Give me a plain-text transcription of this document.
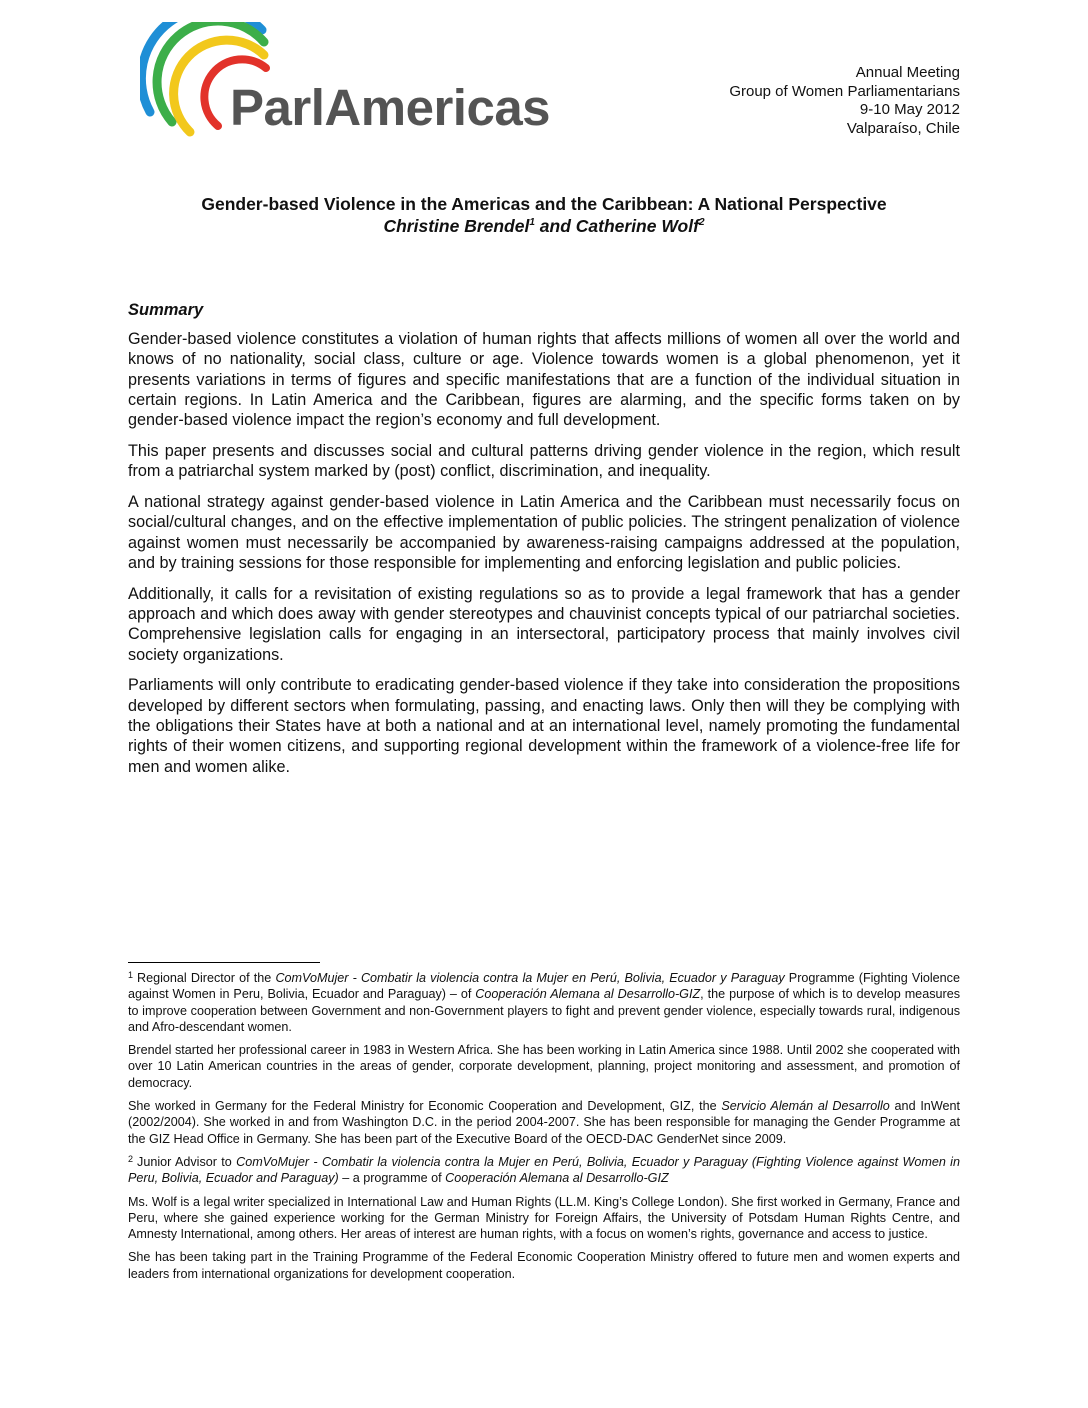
ParlAmericas
Annual Meeting
Group of Women Parliamentarians
9-10 May 2012
Valparaíso, Chile
Gender-based Violence in the Americas and the Caribbean: A National Perspective
Christine Brendel$^1$ and Catherine Wolf$^2$
Summary

Gender-based violence constitutes a violation of human rights that affects millions of women all over the world and knows of no nationality, social class, culture or age. Violence towards women is a global phenomenon, yet it presents variations in terms of figures and specific manifestations that are a function of the individual situation in certain regions. In Latin America and the Caribbean, figures are alarming, and the specific forms taken on by gender-based violence impact the region’s economy and full development.

This paper presents and discusses social and cultural patterns driving gender violence in the region, which result from a patriarchal system marked by (post) conflict, discrimination, and inequality.

A national strategy against gender-based violence in Latin America and the Caribbean must necessarily focus on social/cultural changes, and on the effective implementation of public policies. The stringent penalization of violence against women must necessarily be accompanied by awareness-raising campaigns addressed at the population, and by training sessions for those responsible for implementing and enforcing legislation and public policies.

Additionally, it calls for a revisitation of existing regulations so as to provide a legal framework that has a gender approach and which does away with gender stereotypes and chauvinist concepts typical of our patriarchal societies. Comprehensive legislation calls for engaging in an intersectoral, participatory process that mainly involves civil society organizations.

Parliaments will only contribute to eradicating gender-based violence if they take into consideration the propositions developed by different sectors when formulating, passing, and enacting laws. Only then will they be complying with the obligations their States have at both a national and at an international level, namely promoting the fundamental rights of their women citizens, and supporting regional development within the framework of a violence-free life for men and women alike.

$^1$ Regional Director of the ComVoMujer - Combatir la violencia contra la Mujer en Perú, Bolivia, Ecuador y Paraguay Programme (Fighting Violence against Women in Peru, Bolivia, Ecuador and Paraguay) – of Cooperación Alemana al Desarrollo-GIZ, the purpose of which is to develop measures to improve cooperation between Government and non-Government players to fight and prevent gender violence, especially towards rural, indigenous and Afro-descendant women.

Brendel started her professional career in 1983 in Western Africa. She has been working in Latin America since 1988. Until 2002 she cooperated with over 10 Latin American countries in the areas of gender, corporate development, planning, project monitoring and assessment, and promotion of democracy.

She worked in Germany for the Federal Ministry for Economic Cooperation and Development, GIZ, the Servicio Alemán al Desarrollo and InWent (2002/2004). She worked in and from Washington D.C. in the period 2004-2007. She has been responsible for managing the Gender Programme at the GIZ Head Office in Germany. She has been part of the Executive Board of the OECD-DAC GenderNet since 2009.

$^2$ Junior Advisor to ComVoMujer - Combatir la violencia contra la Mujer en Perú, Bolivia, Ecuador y Paraguay (Fighting Violence against Women in Peru, Bolivia, Ecuador and Paraguay) – a programme of Cooperación Alemana al Desarrollo-GIZ

Ms. Wolf is a legal writer specialized in International Law and Human Rights (LL.M. King’s College London). She first worked in Germany, France and Peru, where she gained experience working for the German Ministry for Foreign Affairs, the University of Potsdam Human Rights Centre, and Amnesty International, among others. Her areas of interest are human rights, with a focus on women’s rights, governance and access to justice.

She has been taking part in the Training Programme of the Federal Economic Cooperation Ministry offered to future men and women experts and leaders from international organizations for development cooperation.
